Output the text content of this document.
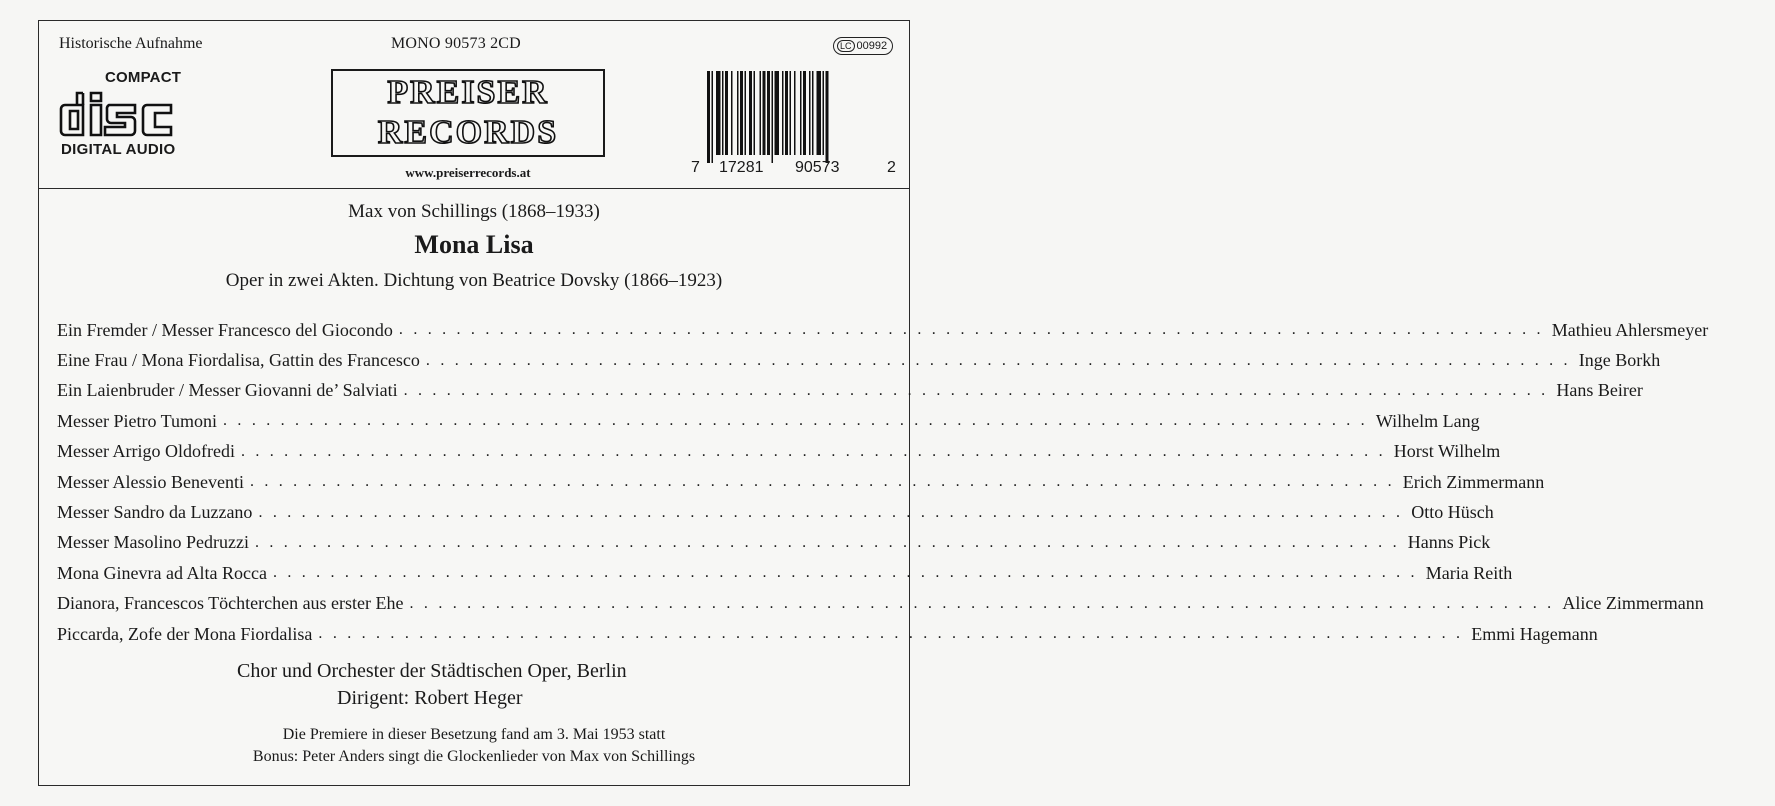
Historische Aufnahme	MONO 90573 2CD	LC 00992
COMPACT
DIGITAL AUDIO
PREISER
RECORDS
www.preiserrecords.at	7 17281 90573	2
Max von Schillings (1868–1933)
Mona Lisa
Oper in zwei Akten. Dichtung von Beatrice Dovsky (1866–1923)
Ein Fremder / Messer Francesco del Giocondo . . . . . . . . . . . . . . . . . . . . . . . . . . . . . . . . . . . . . . . . . . . . . . . . . . . . . . . . . . . . . . . . . . . . . . . . . . . . . . . . Mathieu Ahlersmeyer
Eine Frau / Mona Fiordalisa, Gattin des Francesco . . . . . . . . . . . . . . . . . . . . . . . . . . . . . . . . . . . . . . . . . . . . . . . . . . . . . . . . . . . . . . . . . . . . . . . . . . . . . . . . Inge Borkh
Ein Laienbruder / Messer Giovanni de’ Salviati . . . . . . . . . . . . . . . . . . . . . . . . . . . . . . . . . . . . . . . . . . . . . . . . . . . . . . . . . . . . . . . . . . . . . . . . . . . . . . . . Hans Beirer
Messer Pietro Tumoni . . . . . . . . . . . . . . . . . . . . . . . . . . . . . . . . . . . . . . . . . . . . . . . . . . . . . . . . . . . . . . . . . . . . . . . . . . . . . . . . Wilhelm Lang
Messer Arrigo Oldofredi . . . . . . . . . . . . . . . . . . . . . . . . . . . . . . . . . . . . . . . . . . . . . . . . . . . . . . . . . . . . . . . . . . . . . . . . . . . . . . . . Horst Wilhelm
Messer Alessio Beneventi . . . . . . . . . . . . . . . . . . . . . . . . . . . . . . . . . . . . . . . . . . . . . . . . . . . . . . . . . . . . . . . . . . . . . . . . . . . . . . . . Erich Zimmermann
Messer Sandro da Luzzano . . . . . . . . . . . . . . . . . . . . . . . . . . . . . . . . . . . . . . . . . . . . . . . . . . . . . . . . . . . . . . . . . . . . . . . . . . . . . . . . Otto Hüsch
Messer Masolino Pedruzzi . . . . . . . . . . . . . . . . . . . . . . . . . . . . . . . . . . . . . . . . . . . . . . . . . . . . . . . . . . . . . . . . . . . . . . . . . . . . . . . . Hanns Pick
Mona Ginevra ad Alta Rocca . . . . . . . . . . . . . . . . . . . . . . . . . . . . . . . . . . . . . . . . . . . . . . . . . . . . . . . . . . . . . . . . . . . . . . . . . . . . . . . . Maria Reith
Dianora, Francescos Töchterchen aus erster Ehe . . . . . . . . . . . . . . . . . . . . . . . . . . . . . . . . . . . . . . . . . . . . . . . . . . . . . . . . . . . . . . . . . . . . . . . . . . . . . . . . Alice Zimmermann
Piccarda, Zofe der Mona Fiordalisa . . . . . . . . . . . . . . . . . . . . . . . . . . . . . . . . . . . . . . . . . . . . . . . . . . . . . . . . . . . . . . . . . . . . . . . . . . . . . . . . Emmi Hagemann
Chor und Orchester der Städtischen Oper, Berlin
Dirigent: Robert Heger
Die Premiere in dieser Besetzung fand am 3. Mai 1953 statt
Bonus: Peter Anders singt die Glockenlieder von Max von Schillings
